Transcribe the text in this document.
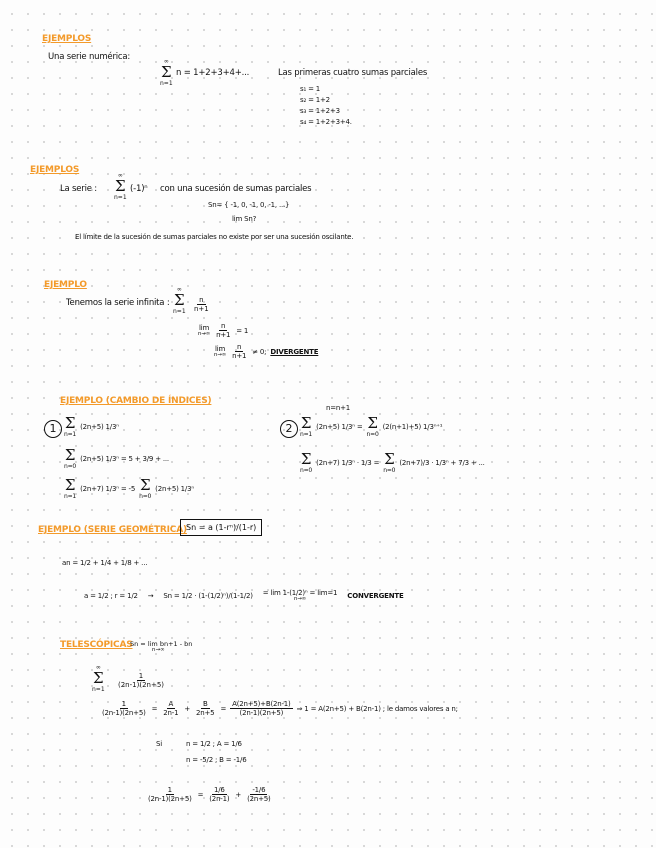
EJEMPLOS
Una serie numérica:	∞
Σ
n=1
n = 1+2+3+4+...	Las primeras cuatro sumas parciales
s₁ = 1
s₂ = 1+2
s₃ = 1+2+3
s₄ = 1+2+3+4.
EJEMPLOS
La serie :
∞
Σ
n=1
(-1)ⁿ con una sucesión de sumas parciales
Sn= { -1, 0, -1, 0, -1, ...}
lim Sn?
El límite de la sucesión de sumas parciales no existe por ser una sucesión oscilante.
EJEMPLO
Tenemos la serie infinita :
∞
Σ
$n=1 \frac{n}{n+1}$
lim
$n\to\infty \frac{n}{n+1} = 1$
lim
$n\to\infty \frac{n}{n+1} \ne 0$; DIVERGENTE
EJEMPLO (CAMBIO DE ÍNDICES)
n=n+1
1 Σ
n=1
(2n+5) 1/3ⁿ
Σ
n=0
(2n+5) 1/3ⁿ = 5 + 3/9 + ...
Σ
n=1
(2n+7) 1/3ⁿ = -5 Σ
n=0
(2n+5) 1/3ⁿ
2 Σ
n=1
(2n+5) 1/3ⁿ = Σ
n=0
(2(n+1)+5) 1/3ⁿ⁺¹
Σ
n=0
(2n+7) 1/3ⁿ · 1/3 = Σ
n=0
(2n+7)/3 · 1/3ⁿ + 7/3 + ...
EJEMPLO (SERIE GEOMÉTRICA) Sn = a (1-rⁿ)/(1-r)
an = 1/2 + 1/4 + 1/8 + ...
a = 1/2 ; r = 1/2 → Sn = 1/2 · (1-(1/2)ⁿ)/(1-1/2) = lim 1-(1/2)ⁿ = lim=1
n→∞	CONVERGENTE
TELESCÓPICAS
Sn = lim bn+1 - bn
n→∞
∞
Σ
n=1
$\frac{1}{(2n-1)(2n+5)}$
$\frac{1}{(2n-1)(2n+5)} = \frac{A}{2n-1} + \frac{B}{2n+5} = \frac{A(2n+5)+B(2n-1)}{(2n-1)(2n+5)}$ ⇒ 1 = A(2n+5) + B(2n-1) ; le damos valores a n;
Si	n = 1/2 ; A = 1/6
n = -5/2 ; B = -1/6
$\frac{1}{(2n-1)(2n+5)} = \frac{1/6}{(2n-1)} + \frac{-1/6}{(2n+5)}$
